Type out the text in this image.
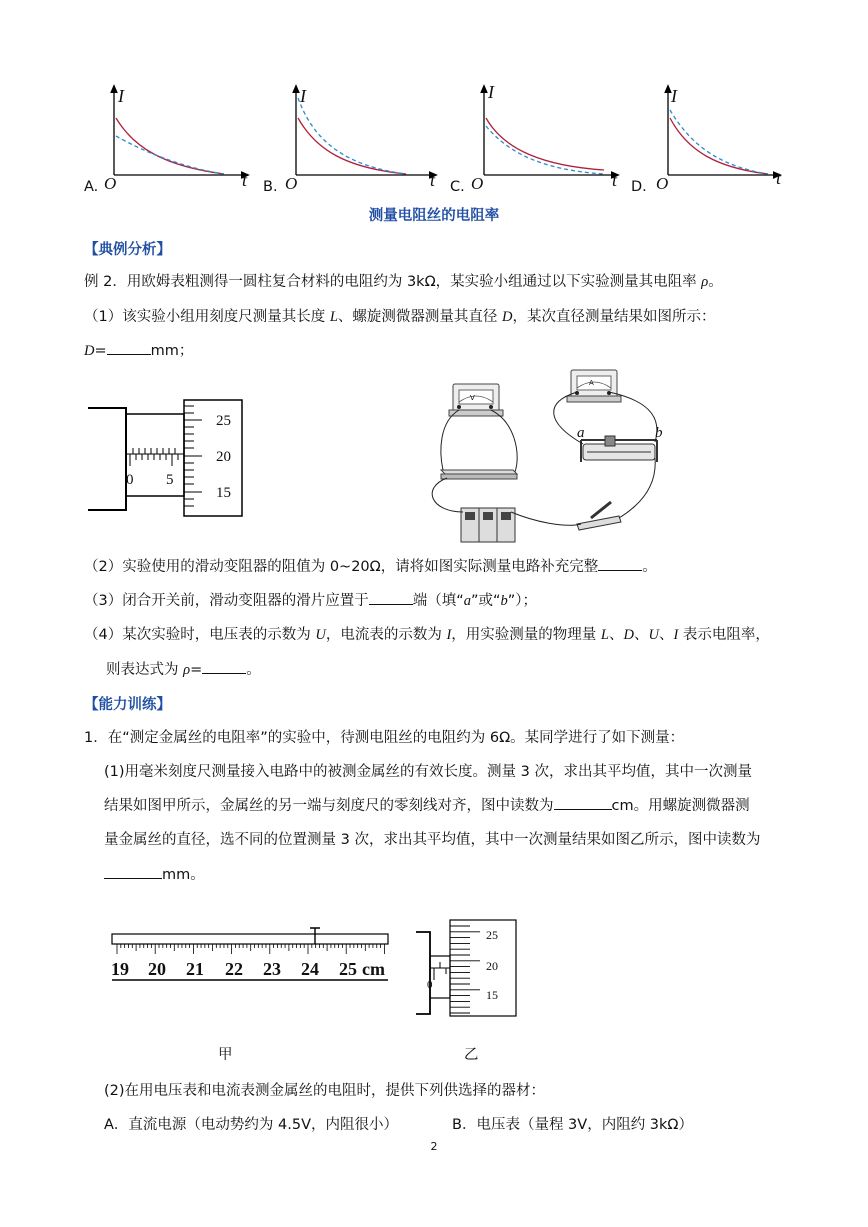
I	I	I	I
t	t	t	t
O	O	O	O
A.	B.	C.	D.
测量电阻丝的电阻率
【典例分析】
例 2．用欧姆表粗测得一圆柱复合材料的电阻约为 3kΩ，某实验小组通过以下实验测量其电阻率 ρ。
（1）该实验小组用刻度尺测量其长度 L、螺旋测微器测量其直径 D，某次直径测量结果如图所示：
D=	mm；
25
20
15
0 5
a	b
V
A
（2）实验使用的滑动变阻器的阻值为 0~20Ω，请将如图实际测量电路补充完整	。
（3）闭合开关前，滑动变阻器的滑片应置于	端（填“a”或“b”）；
（4）某次实验时，电压表的示数为 U，电流表的示数为 I，用实验测量的物理量 L、D、U、I 表示电阻率，
则表达式为 ρ=	。
【能力训练】
1．在“测定金属丝的电阻率”的实验中，待测电阻丝的电阻约为 6Ω。某同学进行了如下测量：
(1)用毫米刻度尺测量接入电路中的被测金属丝的有效长度。测量 3 次，求出其平均值，其中一次测量
结果如图甲所示，金属丝的另一端与刻度尺的零刻线对齐，图中读数为	cm。用螺旋测微器测
量金属丝的直径，选不同的位置测量 3 次，求出其平均值，其中一次测量结果如图乙所示，图中读数为
mm。
19 20 21 22 23 24 25 cm
25
20
15
0
甲	乙
(2)在用电压表和电流表测金属丝的电阻时，提供下列供选择的器材：
A．直流电源（电动势约为 4.5V，内阻很小）	B．电压表（量程 3V，内阻约 3kΩ）
2
